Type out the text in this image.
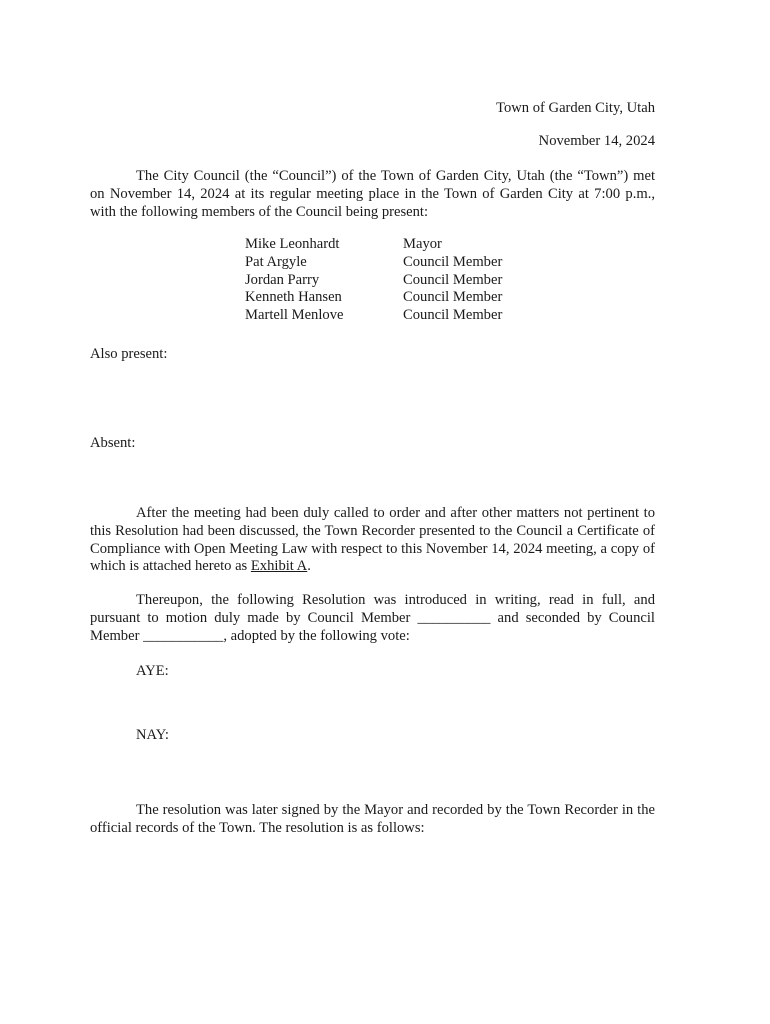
Town of Garden City, Utah
November 14, 2024
The City Council (the “Council”) of the Town of Garden City, Utah (the “Town”) met on November 14, 2024 at its regular meeting place in the Town of Garden City at 7:00 p.m., with the following members of the Council being present:
Mike Leonhardt	Mayor
Pat Argyle	Council Member
Jordan Parry	Council Member
Kenneth Hansen	Council Member
Martell Menlove	Council Member
Also present:
Absent:
After the meeting had been duly called to order and after other matters not pertinent to this Resolution had been discussed, the Town Recorder presented to the Council a Certificate of Compliance with Open Meeting Law with respect to this November 14, 2024 meeting, a copy of which is attached hereto as Exhibit A.
Thereupon, the following Resolution was introduced in writing, read in full, and pursuant to motion duly made by Council Member __________ and seconded by Council Member ___________, adopted by the following vote:
AYE:
NAY:
The resolution was later signed by the Mayor and recorded by the Town Recorder in the official records of the Town. The resolution is as follows:
